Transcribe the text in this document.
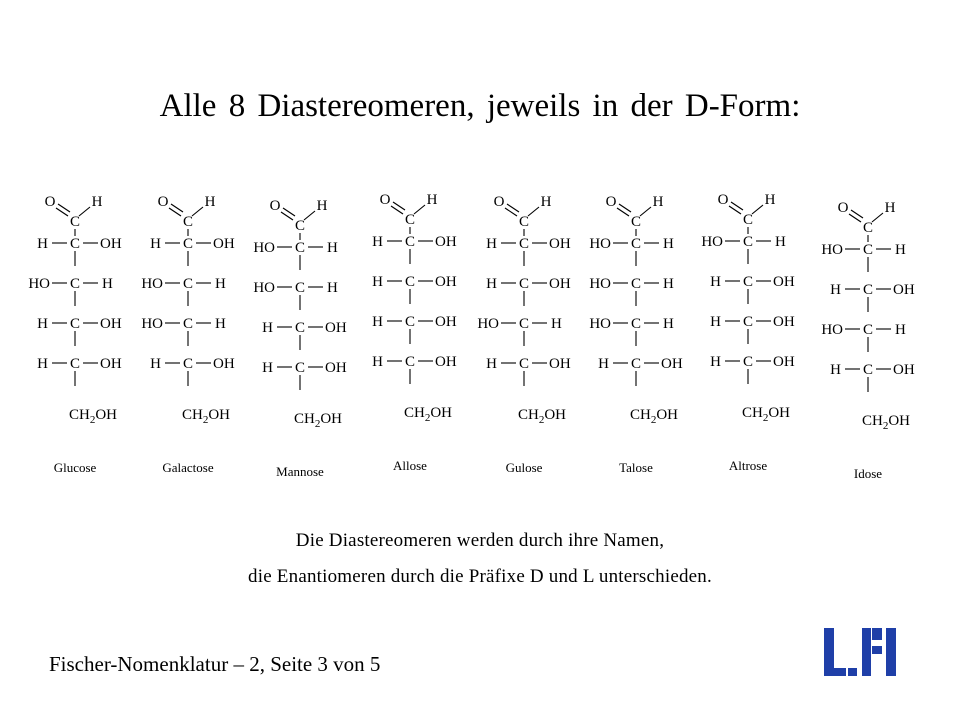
Alle 8 Diastereomeren, jeweils in der D-Form:
O H
C
C
H	OH
C
HO	H
C
H	OH
C
H	OH
$CH_2OH$
Glucose
O H
C
C
H	OH
C
HO	H
C
HO	H
C
H	OH
$CH_2OH$
Galactose
O H
C
C
HO	H
C
HO	H
C
H	OH
C
H	OH
$CH_2OH$
Mannose
O H
C
C
H	OH
C
H	OH
C
H	OH
C
H	OH
$CH_2OH$
Allose
O H
C
C
H	OH
C
H	OH
C
HO	H
C
H	OH
$CH_2OH$
Gulose
O H
C
C
HO	H
C
HO	H
C
HO	H
C
H	OH
$CH_2OH$
Talose
O H
C
C
HO	H
C
H	OH
C
H	OH
C
H	OH
$CH_2OH$
Altrose
O H
C
C
HO	H
C
H	OH
C
HO	H
C
H	OH
$CH_2OH$
Idose
Die Diastereomeren werden durch ihre Namen,
die Enantiomeren durch die Präfixe D und L unterschieden.
Fischer-Nomenklatur – 2, Seite 3 von 5
